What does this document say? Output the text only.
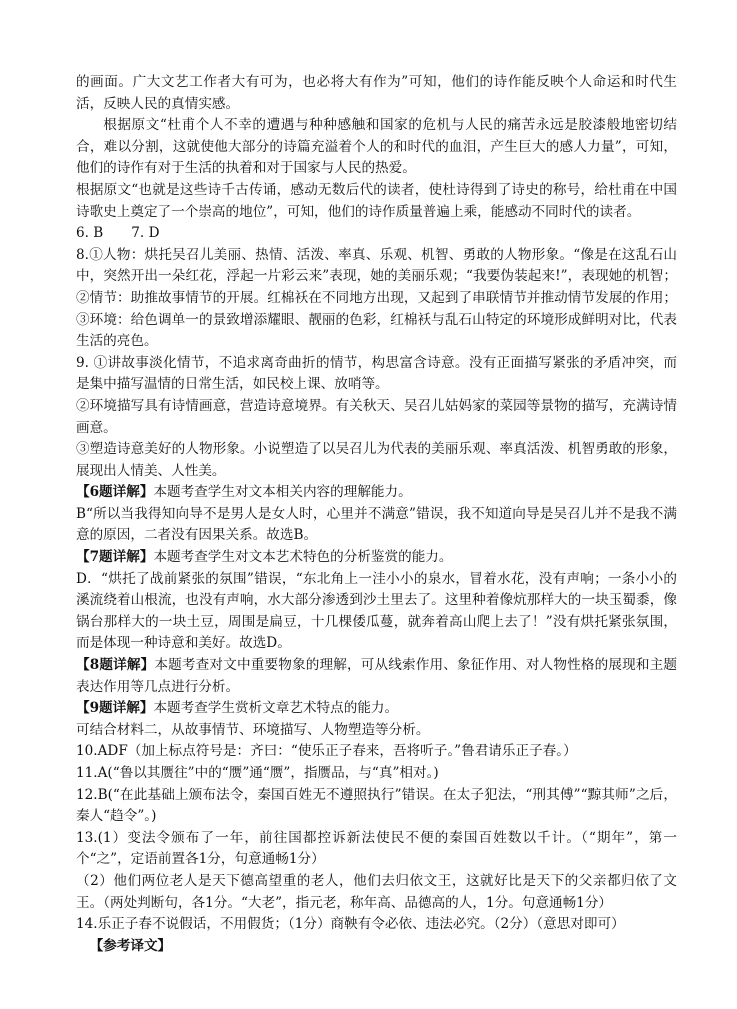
的画面。广大文艺工作者大有可为，也必将大有作为”可知，他们的诗作能反映个人命运和时代生活，反映人民的真情实感。

根据原文“杜甫个人不幸的遭遇与种种感触和国家的危机与人民的痛苦永远是胶漆般地密切结合，难以分割，这就使他大部分的诗篇充溢着个人的和时代的血泪，产生巨大的感人力量”，可知，他们的诗作有对于生活的执着和对于国家与人民的热爱。

根据原文“也就是这些诗千古传诵，感动无数后代的读者，使杜诗得到了诗史的称号，给杜甫在中国诗歌史上奠定了一个崇高的地位”，可知，他们的诗作质量普遍上乘，能感动不同时代的读者。

6. B 7. D

8.①人物：烘托吴召儿美丽、热情、活泼、率真、乐观、机智、勇敢的人物形象。“像是在这乱石山中，突然开出一朵红花，浮起一片彩云来”表现，她的美丽乐观；“我要伪装起来!”，表现她的机智；②情节：助推故事情节的开展。红棉袄在不同地方出现，又起到了串联情节并推动情节发展的作用；③环境：给色调单一的景致增添耀眼、靓丽的色彩，红棉袄与乱石山特定的环境形成鲜明对比，代表生活的亮色。

9. ①讲故事淡化情节，不追求离奇曲折的情节，构思富含诗意。没有正面描写紧张的矛盾冲突，而是集中描写温情的日常生活，如民校上课、放哨等。

②环境描写具有诗情画意，营造诗意境界。有关秋天、吴召儿姑妈家的菜园等景物的描写，充满诗情画意。

③塑造诗意美好的人物形象。小说塑造了以吴召儿为代表的美丽乐观、率真活泼、机智勇敢的形象，展现出人情美、人性美。

【6题详解】本题考查学生对文本相关内容的理解能力。

B“所以当我得知向导不是男人是女人时，心里并不满意”错误，我不知道向导是吴召儿并不是我不满意的原因，二者没有因果关系。故选B。

【7题详解】本题考查学生对文本艺术特色的分析鉴赏的能力。

D．“烘托了战前紧张的氛围”错误，“东北角上一洼小小的泉水，冒着水花，没有声响；一条小小的溪流绕着山根流，也没有声响，水大部分渗透到沙土里去了。这里种着像炕那样大的一块玉蜀黍，像锅台那样大的一块土豆，周围是扁豆，十几棵倭瓜蔓，就奔着高山爬上去了！”没有烘托紧张氛围，而是体现一种诗意和美好。故选D。

【8题详解】本题考查对文中重要物象的理解，可从线索作用、象征作用、对人物性格的展现和主题表达作用等几点进行分析。

【9题详解】本题考查学生赏析文章艺术特点的能力。

可结合材料二，从故事情节、环境描写、人物塑造等分析。

10.ADF（加上标点符号是：齐曰：“使乐正子春来，吾将听子。”鲁君请乐正子春。）

11.A(“鲁以其赝往”中的“赝”通“赝”，指赝品，与“真”相对。)

12.B(“在此基础上颁布法令，秦国百姓无不遵照执行”错误。在太子犯法，“刑其傅”“黥其师”之后，秦人“趋令”。)

13.(1）变法令颁布了一年，前往国都控诉新法使民不便的秦国百姓数以千计。（“期年”，第一个“之”，定语前置各1分，句意通畅1分）

（2）他们两位老人是天下德高望重的老人，他们去归依文王，这就好比是天下的父亲都归依了文王。（两处判断句，各1分。“大老”，指元老，称年高、品德高的人，1分。句意通畅1分）

14.乐正子春不说假话，不用假货；（1分）商鞅有令必依、违法必究。（2分）（意思对即可）

【参考译文】
